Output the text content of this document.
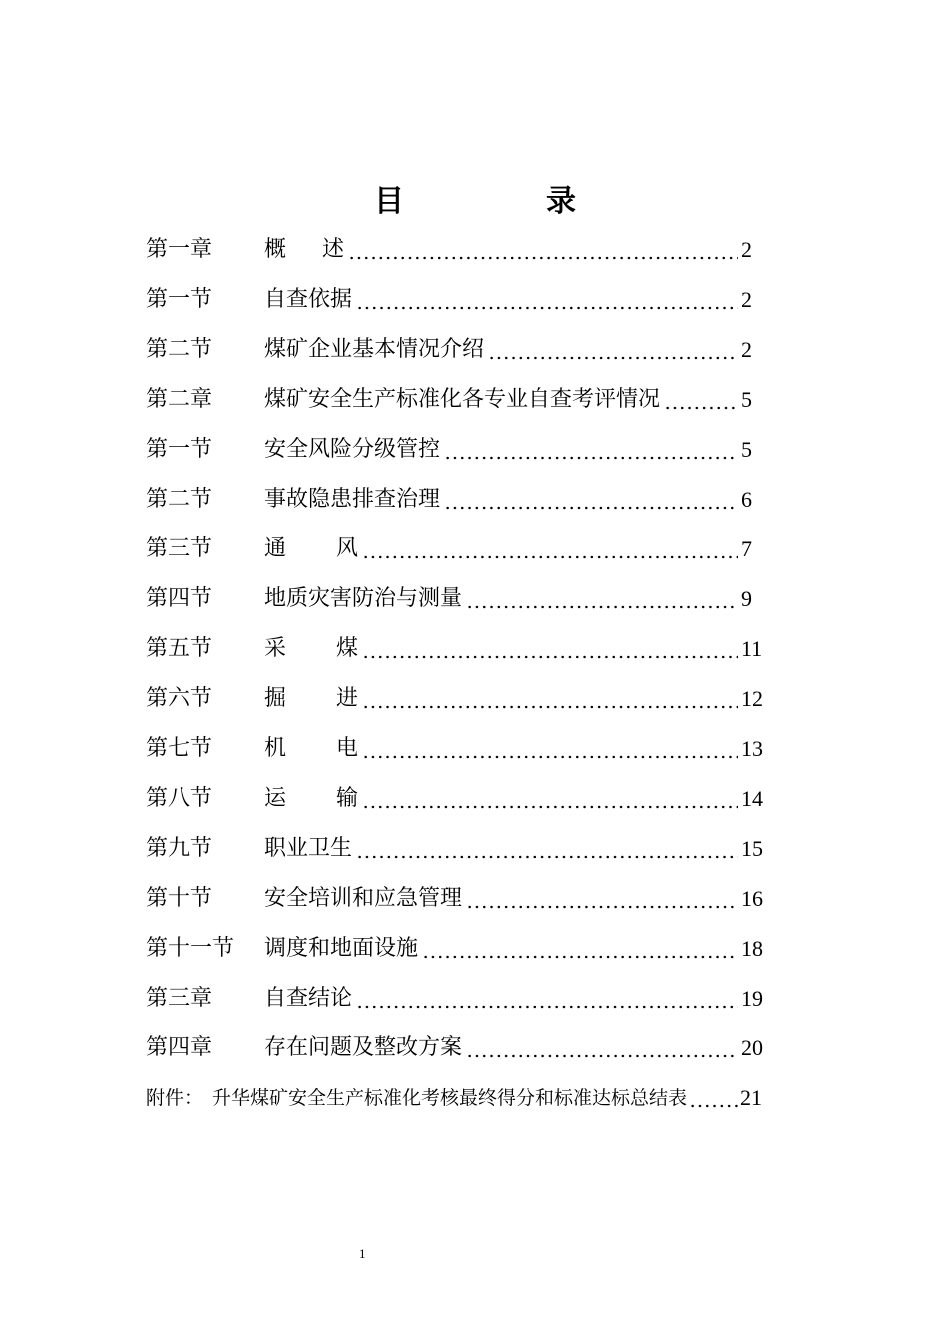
目	录
第一章 概 述	2
第一节 自查依据	2
第二节 煤矿企业基本情况介绍	2
第二章 煤矿安全生产标准化各专业自查考评情况	5
第一节 安全风险分级管控	5
第二节 事故隐患排查治理	6
第三节 通 风	7
第四节 地质灾害防治与测量	9
第五节 采 煤	11
第六节 掘 进	12
第七节 机 电	13
第八节 运 输	14
第九节 职业卫生	15
第十节 安全培训和应急管理	16
第十一节 调度和地面设施	18
第三章 自查结论	19
第四章 存在问题及整改方案	20
附件： 升华煤矿安全生产标准化考核最终得分和标准达标总结表 21
1
